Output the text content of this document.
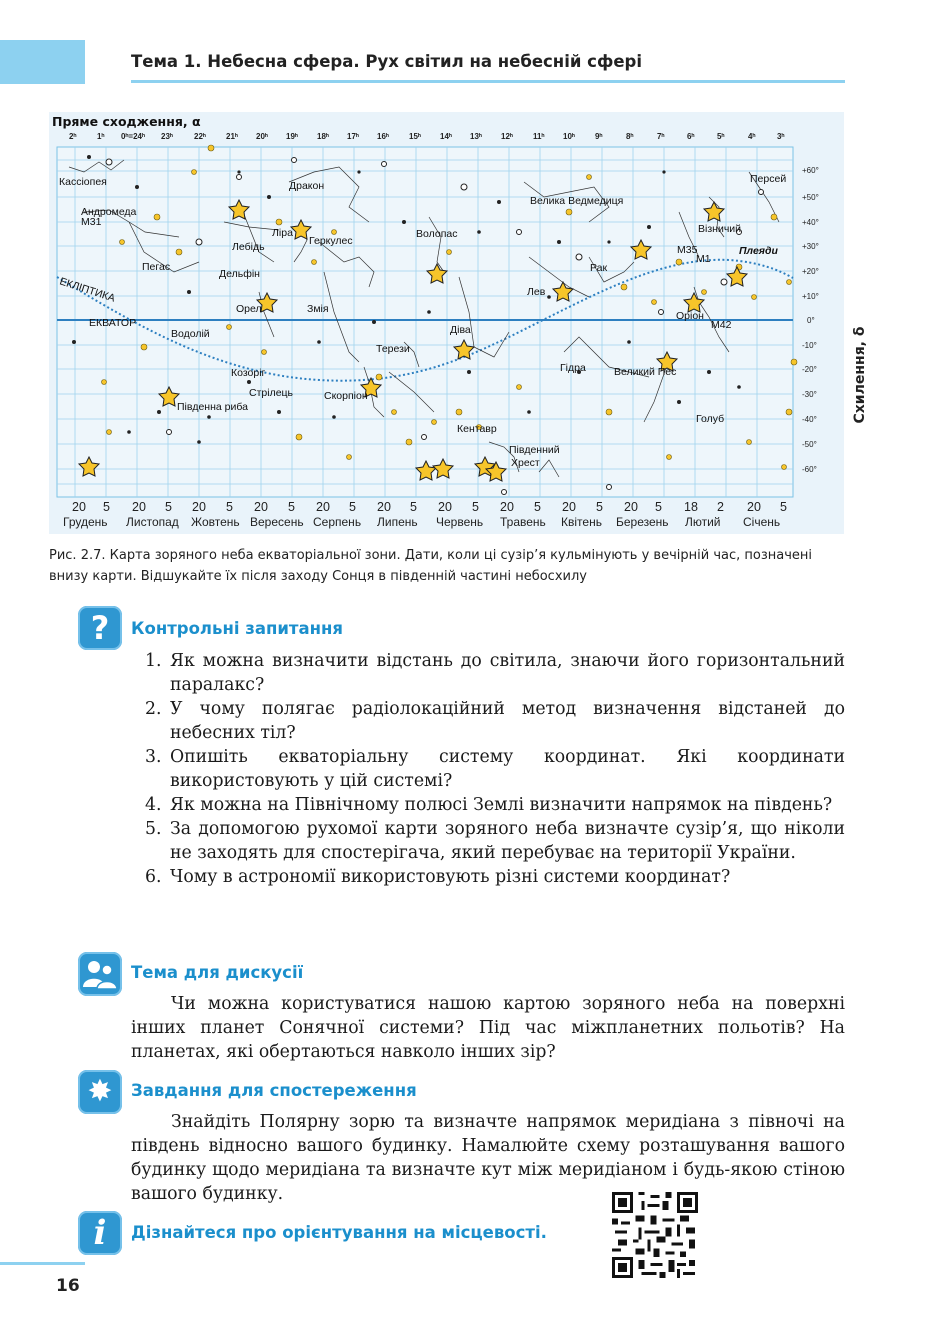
Тема 1. Небесна сфера. Рух світил на небесній сфері
2ʰ	1ʰ 0ʰ=24ʰ 23ʰ	22ʰ	21ʰ 20ʰ 19ʰ 18ʰ 17ʰ 16ʰ	15ʰ 14ʰ 13ʰ 12ʰ	11ʰ 10ʰ	9ʰ	8ʰ	7ʰ	6ʰ	5ʰ	4ʰ	3ʰ
+60°
+50°
+40°
+30°
+20°
+10°
0°
-10°
-20°
-30°
-40°
-50°
-60°
Кассіопея
Андромеда
M31
Пегас
ЕКЛІПТИКА
ЕКВАТОР
Водолій
Козоріг
Стрілець
Південна риба
Лебідь
Дельфін
Орел
Ліра
Геркулес
Дракон
Змія
Скорпіон
Терези
Волопас
Діва
Кентавр
Південний
Хрест
Гідра
Лев
Рак
Велика Ведмедиця
Великий Пес
Оріон
Голуб
Візничий
Персей
Плеяди
M35
M1
M42
20 5 20 5 20 5 20 5 20 5 20 5 20 5 20 5 20 5	18 2 20 5
20 5
Грудень Листопад Жовтень Вересень Серпень Липень Червень Травень Квітень Березень Лютий Січень
Пряме сходження, α
Схилення, δ
Рис. 2.7. Карта зоряного неба екваторіальної зони. Дати, коли ці сузір’я кульмінують у вечірній час, позначені внизу карти. Відшукайте їх після заходу Сонця в південній частині небосхилу
?	Контрольні запитання
1. Як можна визначити відстань до світила, знаючи його горизонтальний паралакс?
2. У чому полягає радіолокаційний метод визначення відстаней до небесних тіл?
3. Опишіть екваторіальну систему координат. Які координати використовують у цій системі?
4. Як можна на Північному полюсі Землі визначити напрямок на південь?
5. За допомогою рухомої карти зоряного неба визначте сузір’я, що ніколи не заходять для спостерігача, який перебуває на території України.
6. Чому в астрономії використовують різні системи координат?
Тема для дискусії
Чи можна користуватися нашою картою зоряного неба на поверхні інших планет Сонячної системи? Під час міжпланетних польотів? На планетах, які обертаються навколо інших зір?
✸	Завдання для спостереження
Знайдіть Полярну зорю та визначте напрямок меридіана з півночі на південь відносно вашого будинку. Намалюйте схему розташування вашого будинку щодо меридіана та визначте кут між меридіаном і будь-якою стіною вашого будинку.
i	Дізнайтеся про орієнтування на місцевості.
16
